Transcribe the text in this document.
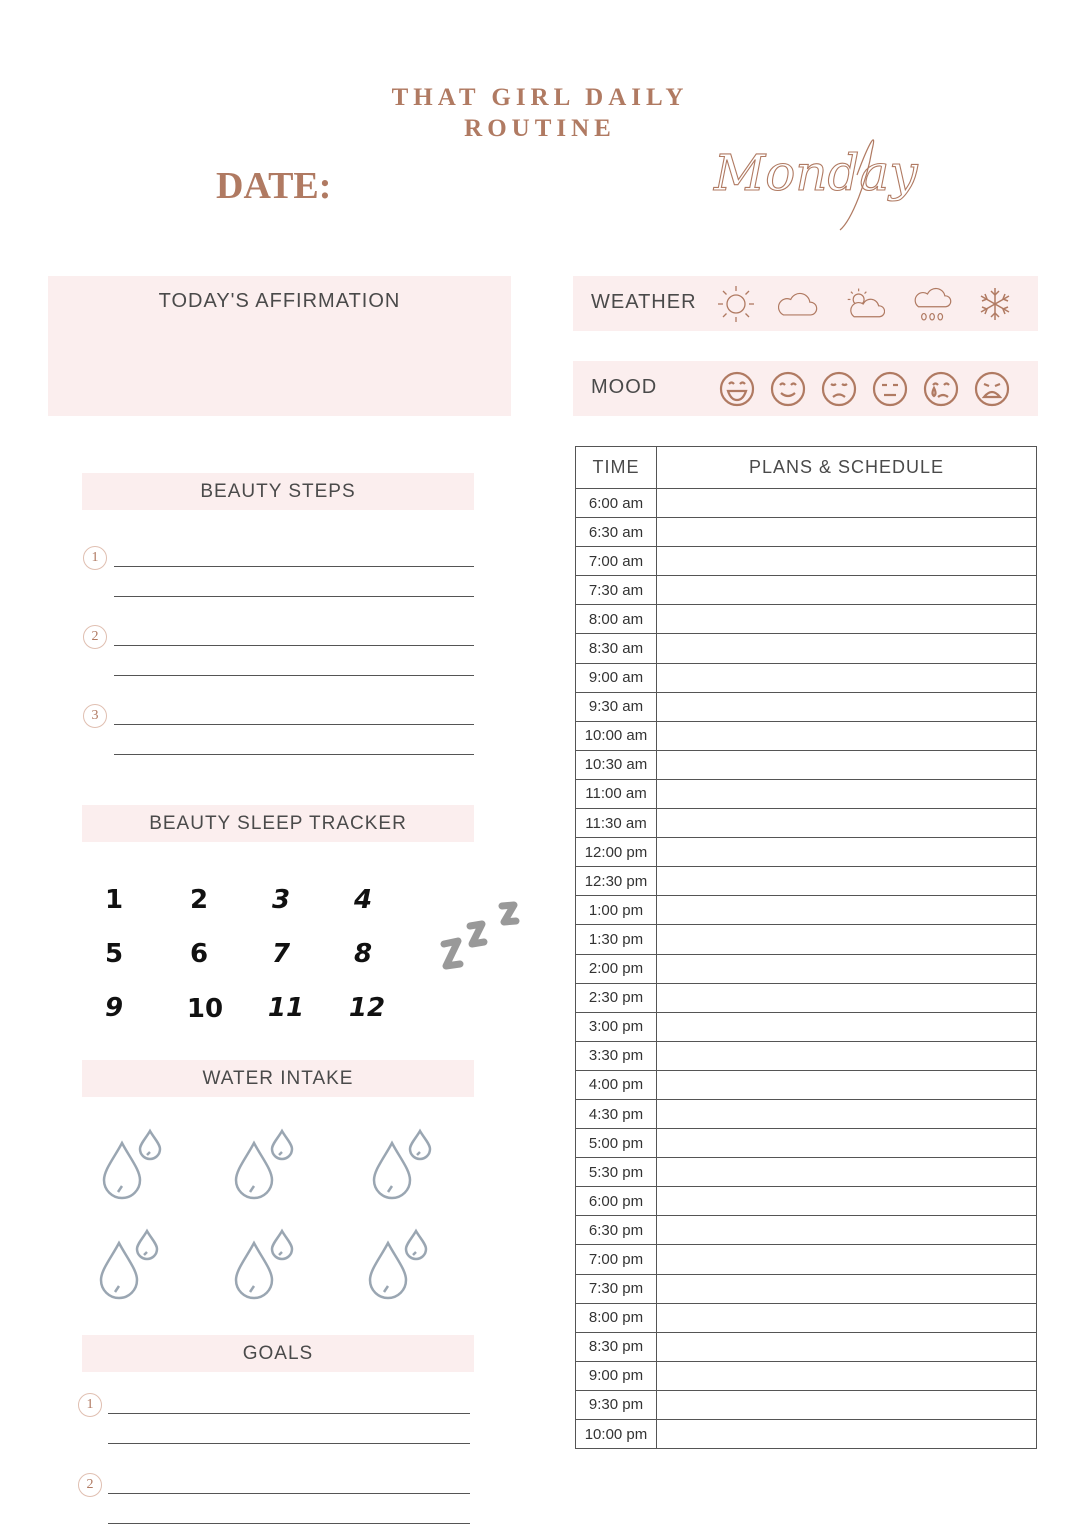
THAT GIRL DAILY
ROUTINE
DATE:	Monday
TODAY'S AFFIRMATION	WEATHER
MOOD
BEAUTY STEPS
1
2
3
BEAUTY SLEEP TRACKER
1	2	3	4
5	6	7	8
9	10 11 12
WATER INTAKE
GOALS
1
2
TIME	PLANS & SCHEDULE
6:00 am	
6:30 am	
7:00 am	
7:30 am	
8:00 am	
8:30 am	
9:00 am	
9:30 am	
10:00 am	
10:30 am	
11:00 am	
11:30 am	
12:00 pm	
12:30 pm	
1:00 pm	
1:30 pm	
2:00 pm	
2:30 pm	
3:00 pm	
3:30 pm	
4:00 pm	
4:30 pm	
5:00 pm	
5:30 pm	
6:00 pm	
6:30 pm	
7:00 pm	
7:30 pm	
8:00 pm	
8:30 pm	
9:00 pm	
9:30 pm	
10:00 pm	
